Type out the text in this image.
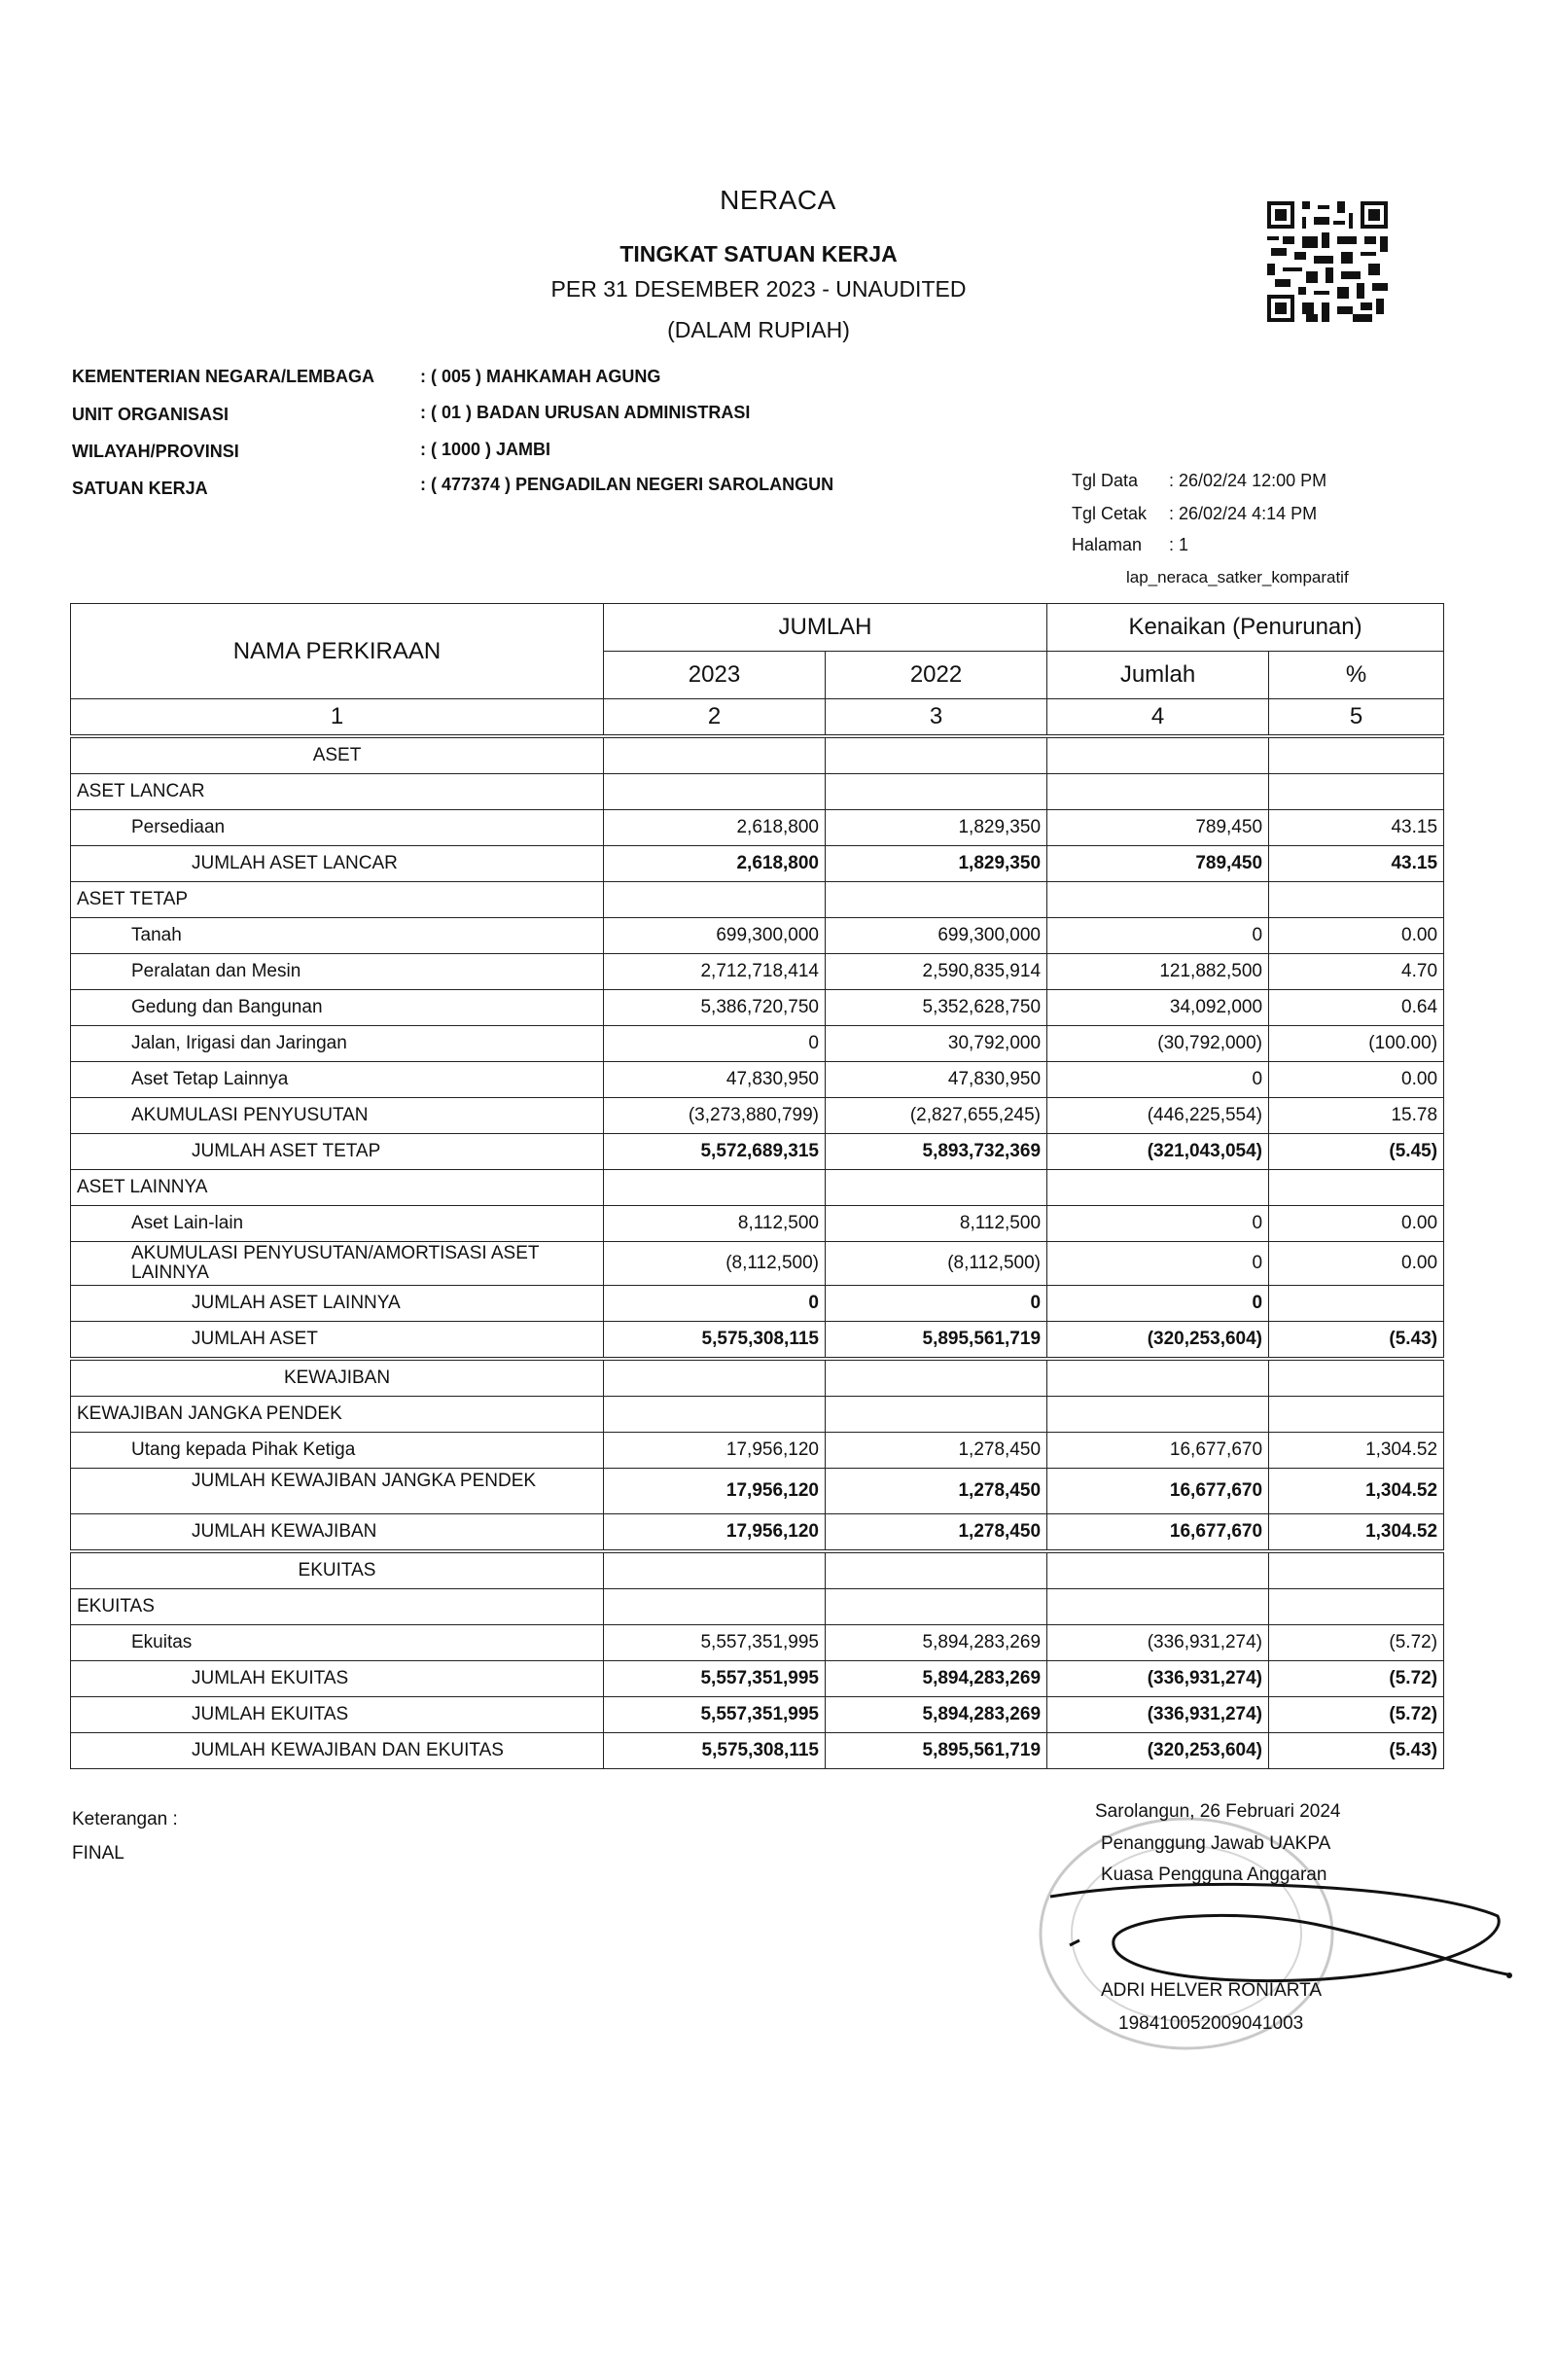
NERACA
TINGKAT SATUAN KERJA
PER 31 DESEMBER 2023 - UNAUDITED
(DALAM RUPIAH)
KEMENTERIAN NEGARA/LEMBAGA	: ( 005 ) MAHKAMAH AGUNG
UNIT ORGANISASI	: ( 01 ) BADAN URUSAN ADMINISTRASI
WILAYAH/PROVINSI	: ( 1000 ) JAMBI
SATUAN KERJA	: ( 477374 ) PENGADILAN NEGERI SAROLANGUN	Tgl Data : 26/02/24 12:00 PM
Tgl Cetak : 26/02/24 4:14 PM
Halaman : 1
lap_neraca_satker_komparatif
NAMA PERKIRAAN	JUMLAH		Kenaikan (Penurunan)	
	2023	2022	Jumlah	%
1	2	3	4	5
ASET				
ASET LANCAR				
Persediaan	2,618,800	1,829,350	789,450	43.15
JUMLAH ASET LANCAR	2,618,800	1,829,350	789,450	43.15
ASET TETAP				
Tanah	699,300,000	699,300,000	0	0.00
Peralatan dan Mesin	2,712,718,414	2,590,835,914	121,882,500	4.70
Gedung dan Bangunan	5,386,720,750	5,352,628,750	34,092,000	0.64
Jalan, Irigasi dan Jaringan	0	30,792,000	(30,792,000)	(100.00)
Aset Tetap Lainnya	47,830,950	47,830,950	0	0.00
AKUMULASI PENYUSUTAN	(3,273,880,799)	(2,827,655,245)	(446,225,554)	15.78
JUMLAH ASET TETAP	5,572,689,315	5,893,732,369	(321,043,054)	(5.45)
ASET LAINNYA				
Aset Lain-lain	8,112,500	8,112,500	0	0.00
AKUMULASI PENYUSUTAN/AMORTISASI ASET LAINNYA	(8,112,500)	(8,112,500)	0	0.00
JUMLAH ASET LAINNYA	0	0	0	
JUMLAH ASET	5,575,308,115	5,895,561,719	(320,253,604)	(5.43)
KEWAJIBAN				
KEWAJIBAN JANGKA PENDEK				
Utang kepada Pihak Ketiga	17,956,120	1,278,450	16,677,670	1,304.52
JUMLAH KEWAJIBAN JANGKA PENDEK	17,956,120	1,278,450	16,677,670	1,304.52
JUMLAH KEWAJIBAN	17,956,120	1,278,450	16,677,670	1,304.52
EKUITAS				
EKUITAS				
Ekuitas	5,557,351,995	5,894,283,269	(336,931,274)	(5.72)
JUMLAH EKUITAS	5,557,351,995	5,894,283,269	(336,931,274)	(5.72)
JUMLAH EKUITAS	5,557,351,995	5,894,283,269	(336,931,274)	(5.72)
JUMLAH KEWAJIBAN DAN EKUITAS	5,575,308,115	5,895,561,719	(320,253,604)	(5.43)
Keterangan :
FINAL
Sarolangun, 26 Februari 2024
Penanggung Jawab UAKPA
Kuasa Pengguna Anggaran
ADRI HELVER RONIARTA
198410052009041003
